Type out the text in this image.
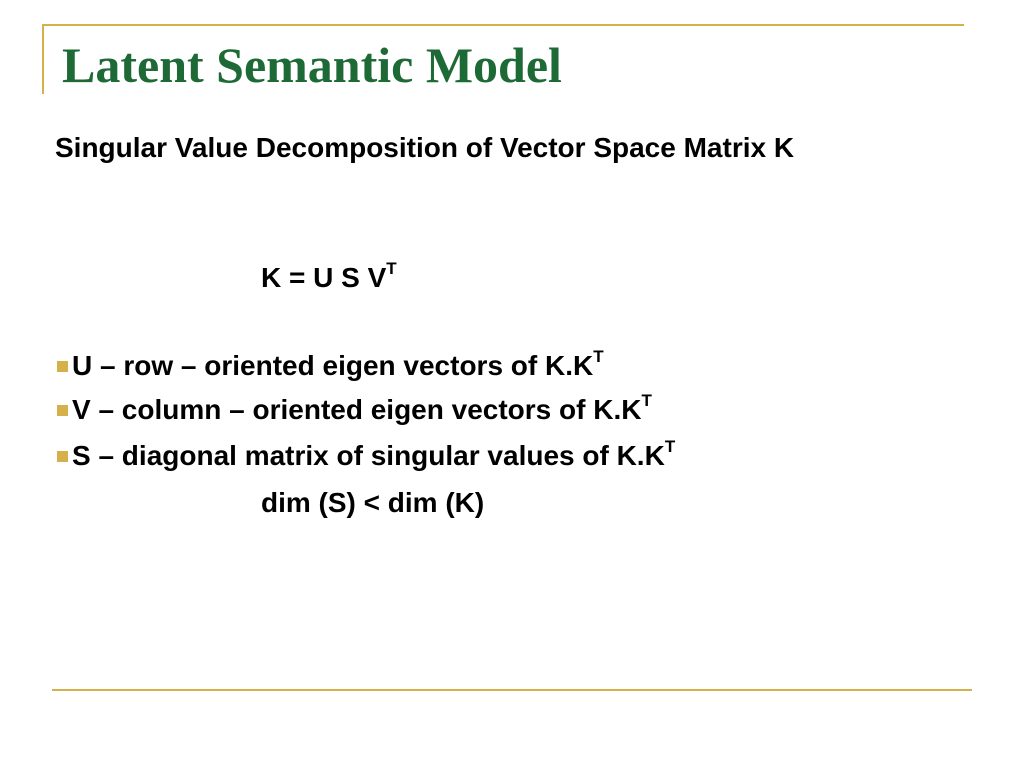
Latent Semantic Model
Singular Value Decomposition of Vector Space Matrix K
K = U S $V^T$
U – row – oriented eigen vectors of $K.K^T$
V – column – oriented eigen vectors of $K.K^T$
S – diagonal matrix of singular values of $K.K^T$
dim (S) < dim (K)
